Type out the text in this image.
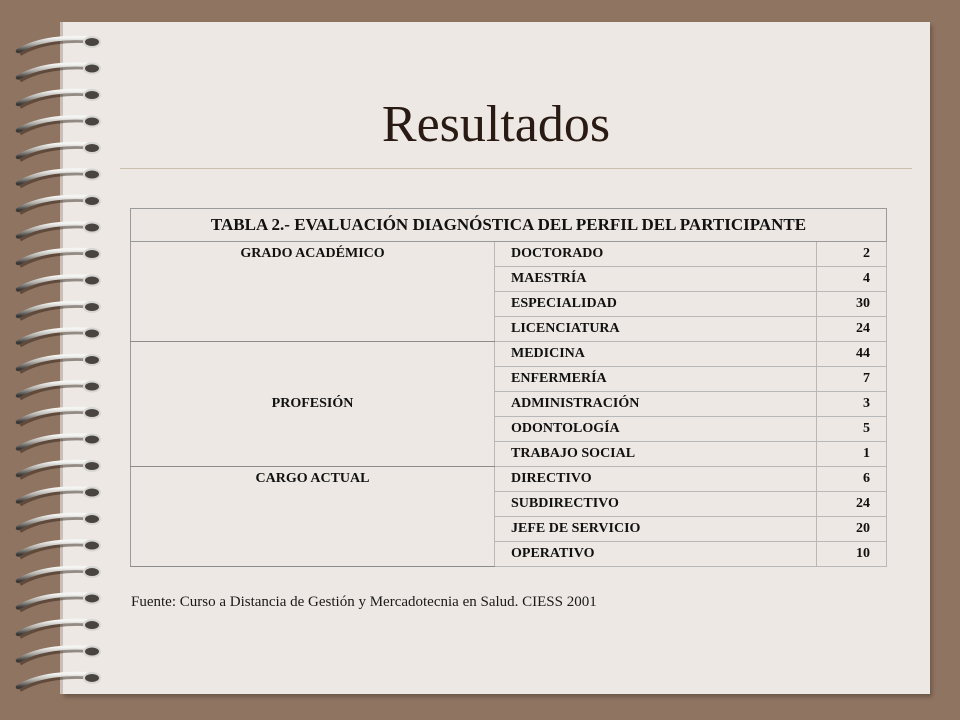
Resultados
TABLA 2.- EVALUACIÓN DIAGNÓSTICA DEL PERFIL DEL PARTICIPANTE		
GRADO ACADÉMICO	DOCTORADO	2
	MAESTRÍA	4
	ESPECIALIDAD	30
	LICENCIATURA	24
PROFESIÓN	MEDICINA	44
	ENFERMERÍA	7
	ADMINISTRACIÓN	3
	ODONTOLOGÍA	5
	TRABAJO SOCIAL	1
CARGO ACTUAL	DIRECTIVO	6
	SUBDIRECTIVO	24
	JEFE DE SERVICIO	20
	OPERATIVO	10
Fuente: Curso a Distancia de Gestión y Mercadotecnia en Salud. CIESS 2001
